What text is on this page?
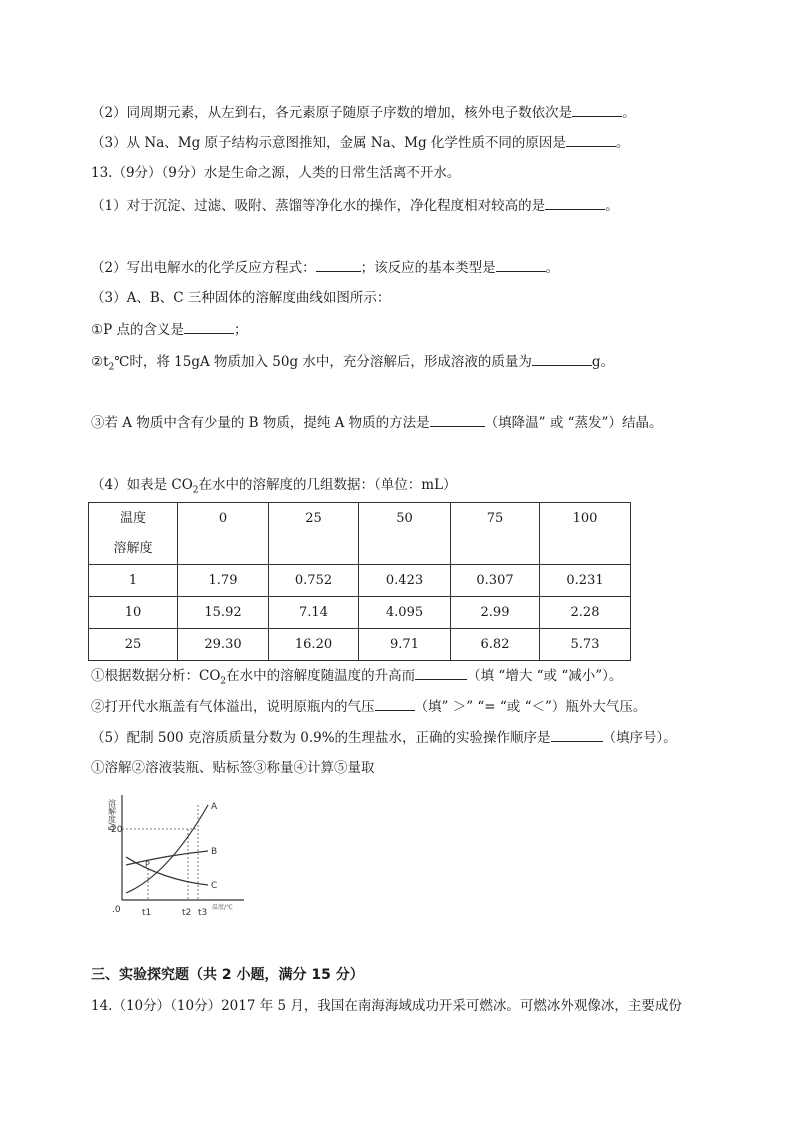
（2）同周期元素，从左到右，各元素原子随原子序数的增加，核外电子数依次是	。
（3）从 Na、Mg 原子结构示意图推知，金属 Na、Mg 化学性质不同的原因是	。
13.（9分）（9分）水是生命之源，人类的日常生活离不开水。
（1）对于沉淀、过滤、吸附、蒸馏等净化水的操作，净化程度相对较高的是	。
（2）写出电解水的化学反应方程式：	；该反应的基本类型是	。
（3）A、B、C 三种固体的溶解度曲线如图所示：
①P 点的含义是	；
$②t_2℃$时，将 15gA 物质加入 50g 水中，充分溶解后，形成溶液的质量为	g。
③若 A 物质中含有少量的 B 物质，提纯 A 物质的方法是	（填降温” 或 “蒸发”）结晶。
（4）如表是 $CO_2$在水中的溶解度的几组数据：（单位：mL）
温度
溶解度	0	25	50	75	100
1	1.79	0.752	0.423	0.307	0.231
10	15.92	7.14	4.095	2.99	2.28
25	29.30	16.20	9.71	6.82	5.73
①根据数据分析：$CO_2$在水中的溶解度随温度的升高而	（填 “增大 “或 “减小”）。
②打开代水瓶盖有气体溢出，说明原瓶内的气压	（填” ＞” “= “或 “＜”）瓶外大气压。
（5）配制 500 克溶质质量分数为 0.9%的生理盐水，正确的实验操作顺序是	（填序号）。
①溶解②溶液装瓶、贴标签③称量④计算⑤量取
溶解度/g
20
A
B
C
P
.0 t1	t2 t3
温度/℃
三、实验探究题（共 2 小题，满分 15 分）
14.（10分）（10分）2017 年 5 月，我国在南海海域成功开采可燃冰。可燃冰外观像冰，主要成份
